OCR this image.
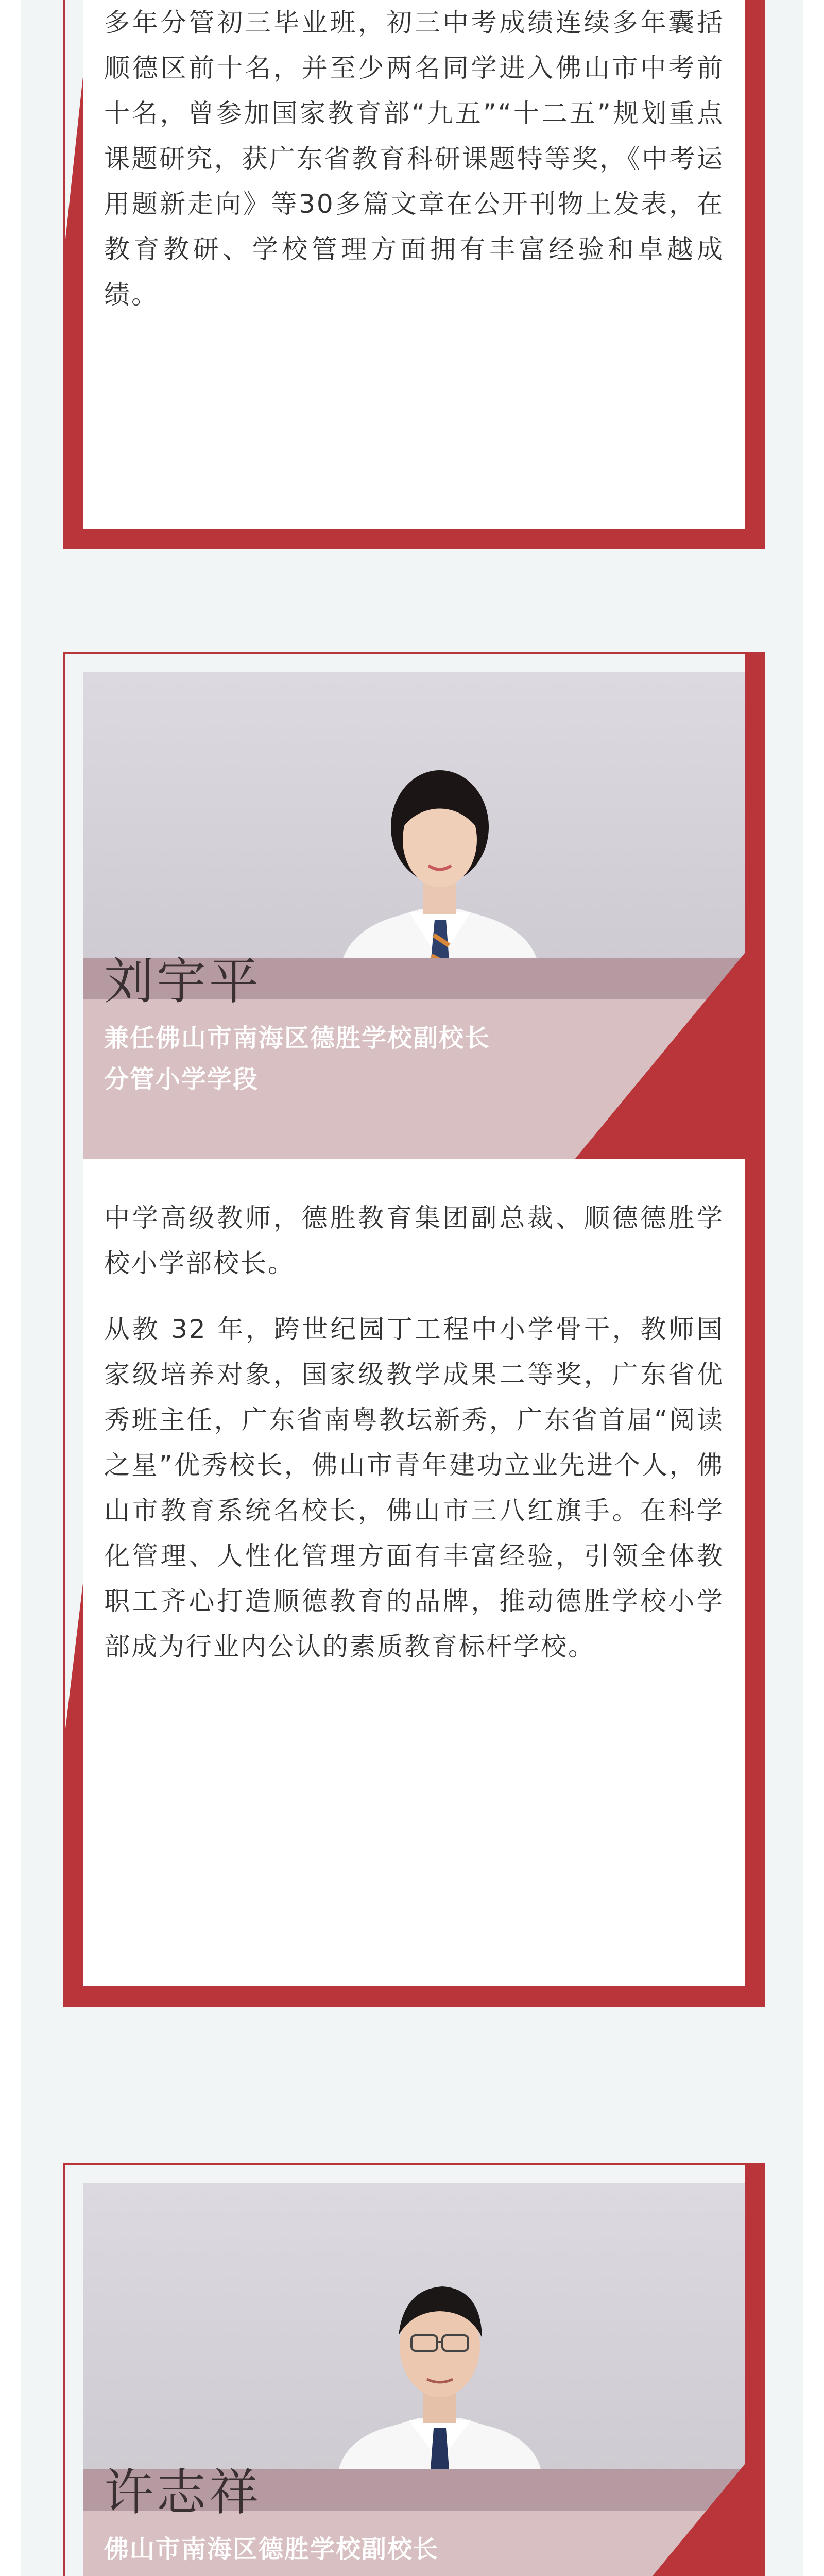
多年分管初三毕业班，初三中考成绩连续多年囊括顺德区前十名，并至少两名同学进入佛山市中考前十名，曾参加国家教育部“九五”“十二五”规划重点课题研究，获广东省教育科研课题特等奖，《中考运用题新走向》等30多篇文章在公开刊物上发表，在教育教研、学校管理方面拥有丰富经验和卓越成绩。

刘宇平
兼任佛山市南海区德胜学校副校长
分管小学学段

中学高级教师，德胜教育集团副总裁、顺德德胜学校小学部校长。

从教 32 年，跨世纪园丁工程中小学骨干，教师国家级培养对象，国家级教学成果二等奖，广东省优秀班主任，广东省南粤教坛新秀，广东省首届“阅读之星”优秀校长，佛山市青年建功立业先进个人，佛山市教育系统名校长，佛山市三八红旗手。在科学化管理、人性化管理方面有丰富经验，引领全体教职工齐心打造顺德教育的品牌，推动德胜学校小学部成为行业内公认的素质教育标杆学校。

许志祥
佛山市南海区德胜学校副校长
